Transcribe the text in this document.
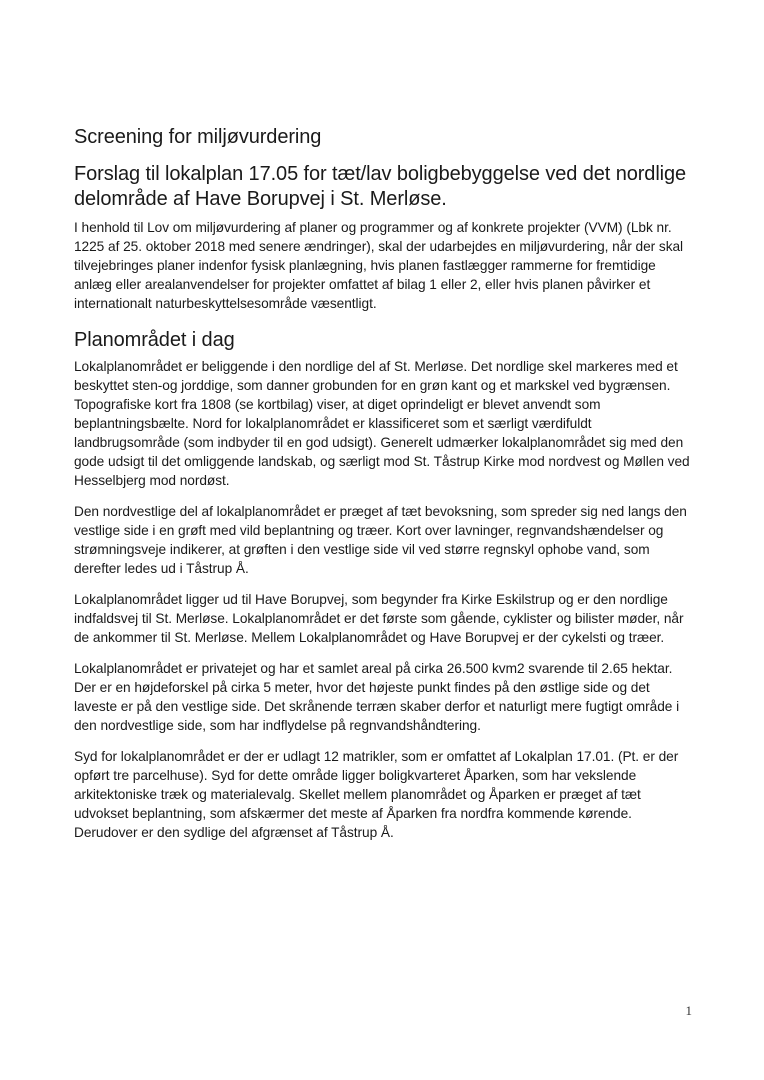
Screening for miljøvurdering
Forslag til lokalplan 17.05 for tæt/lav boligbebyggelse ved det nordlige delområde af Have Borupvej i St. Merløse.

I henhold til Lov om miljøvurdering af planer og programmer og af konkrete projekter (VVM) (Lbk nr. 1225 af 25. oktober 2018 med senere ændringer), skal der udarbejdes en miljøvurdering, når der skal tilvejebringes planer indenfor fysisk planlægning, hvis planen fastlægger rammerne for fremtidige anlæg eller arealanvendelser for projekter omfattet af bilag 1 eller 2, eller hvis planen påvirker et internationalt naturbeskyttelsesområde væsentligt.

Planområdet i dag

Lokalplanområdet er beliggende i den nordlige del af St. Merløse. Det nordlige skel markeres med et beskyttet sten-og jorddige, som danner grobunden for en grøn kant og et markskel ved bygrænsen. Topografiske kort fra 1808 (se kortbilag) viser, at diget oprindeligt er blevet anvendt som beplantningsbælte. Nord for lokalplanområdet er klassificeret som et særligt værdifuldt landbrugsområde (som indbyder til en god udsigt). Generelt udmærker lokalplanområdet sig med den gode udsigt til det omliggende landskab, og særligt mod St. Tåstrup Kirke mod nordvest og Møllen ved Hesselbjerg mod nordøst.

Den nordvestlige del af lokalplanområdet er præget af tæt bevoksning, som spreder sig ned langs den vestlige side i en grøft med vild beplantning og træer. Kort over lavninger, regnvandshændelser og strømningsveje indikerer, at grøften i den vestlige side vil ved større regnskyl ophobe vand, som derefter ledes ud i Tåstrup Å.

Lokalplanområdet ligger ud til Have Borupvej, som begynder fra Kirke Eskilstrup og er den nordlige indfaldsvej til St. Merløse. Lokalplanområdet er det første som gående, cyklister og bilister møder, når de ankommer til St. Merløse. Mellem Lokalplanområdet og Have Borupvej er der cykelsti og træer.

Lokalplanområdet er privatejet og har et samlet areal på cirka 26.500 kvm2 svarende til 2.65 hektar. Der er en højdeforskel på cirka 5 meter, hvor det højeste punkt findes på den østlige side og det laveste er på den vestlige side. Det skrånende terræn skaber derfor et naturligt mere fugtigt område i den nordvestlige side, som har indflydelse på regnvandshåndtering.

Syd for lokalplanområdet er der er udlagt 12 matrikler, som er omfattet af Lokalplan 17.01. (Pt. er der opført tre parcelhuse). Syd for dette område ligger boligkvarteret Åparken, som har vekslende arkitektoniske træk og materialevalg. Skellet mellem planområdet og Åparken er præget af tæt udvokset beplantning, som afskærmer det meste af Åparken fra nordfra kommende kørende. Derudover er den sydlige del afgrænset af Tåstrup Å.

1
